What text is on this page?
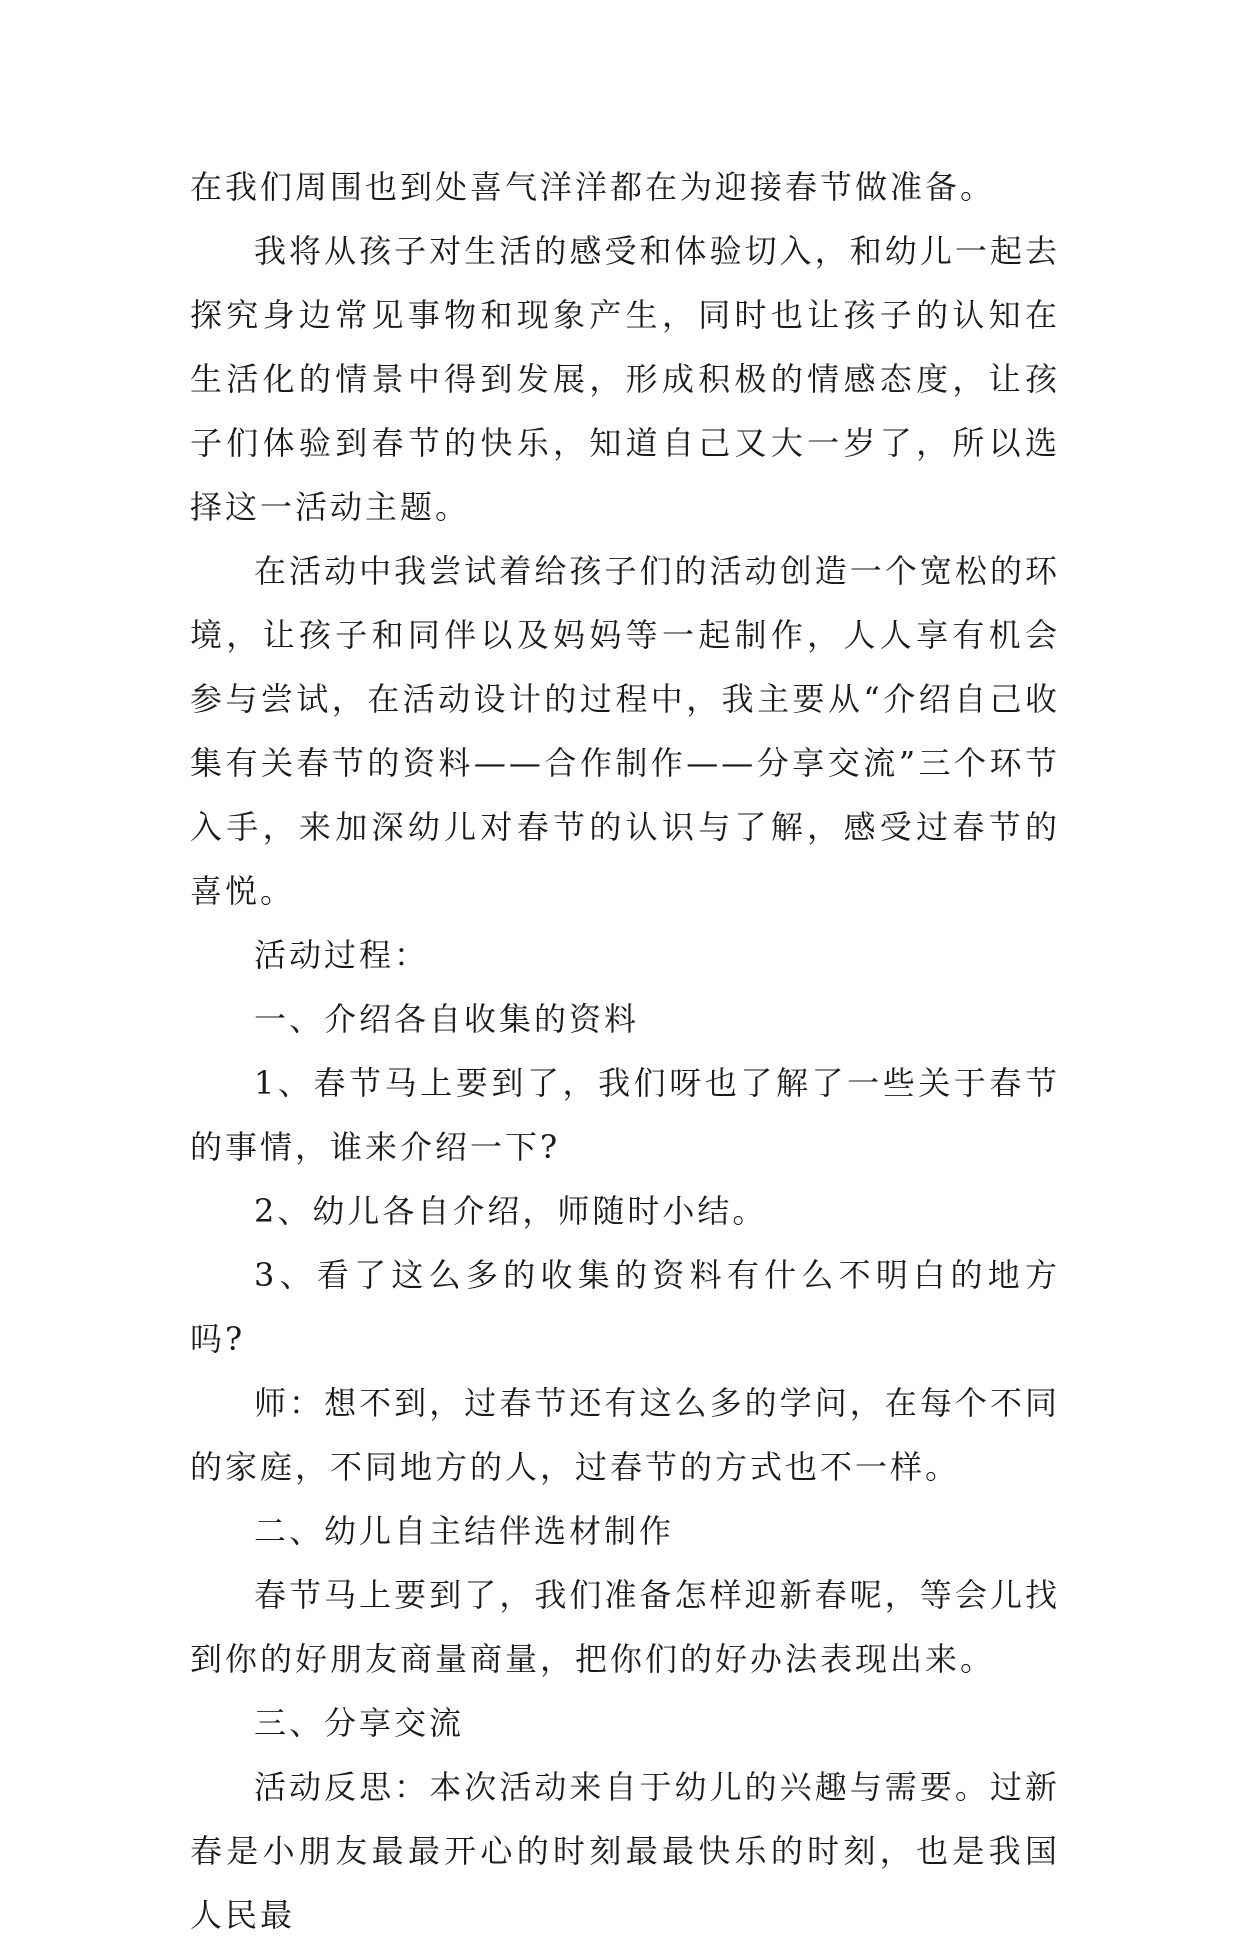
在我们周围也到处喜气洋洋都在为迎接春节做准备。

我将从孩子对生活的感受和体验切入，和幼儿一起去探究身边常见事物和现象产生，同时也让孩子的认知在生活化的情景中得到发展，形成积极的情感态度，让孩子们体验到春节的快乐，知道自己又大一岁了，所以选择这一活动主题。

在活动中我尝试着给孩子们的活动创造一个宽松的环境，让孩子和同伴以及妈妈等一起制作，人人享有机会参与尝试，在活动设计的过程中，我主要从“介绍自己收集有关春节的资料——合作制作——分享交流”三个环节入手，来加深幼儿对春节的认识与了解，感受过春节的喜悦。

活动过程：

一、介绍各自收集的资料

1、春节马上要到了，我们呀也了解了一些关于春节的事情，谁来介绍一下?

2、幼儿各自介绍，师随时小结。

3、看了这么多的收集的资料有什么不明白的地方吗?

师：想不到，过春节还有这么多的学问，在每个不同的家庭，不同地方的人，过春节的方式也不一样。

二、幼儿自主结伴选材制作

春节马上要到了，我们准备怎样迎新春呢，等会儿找到你的好朋友商量商量，把你们的好办法表现出来。

三、分享交流

活动反思：本次活动来自于幼儿的兴趣与需要。过新春是小朋友最最开心的时刻最最快乐的时刻，也是我国人民最
